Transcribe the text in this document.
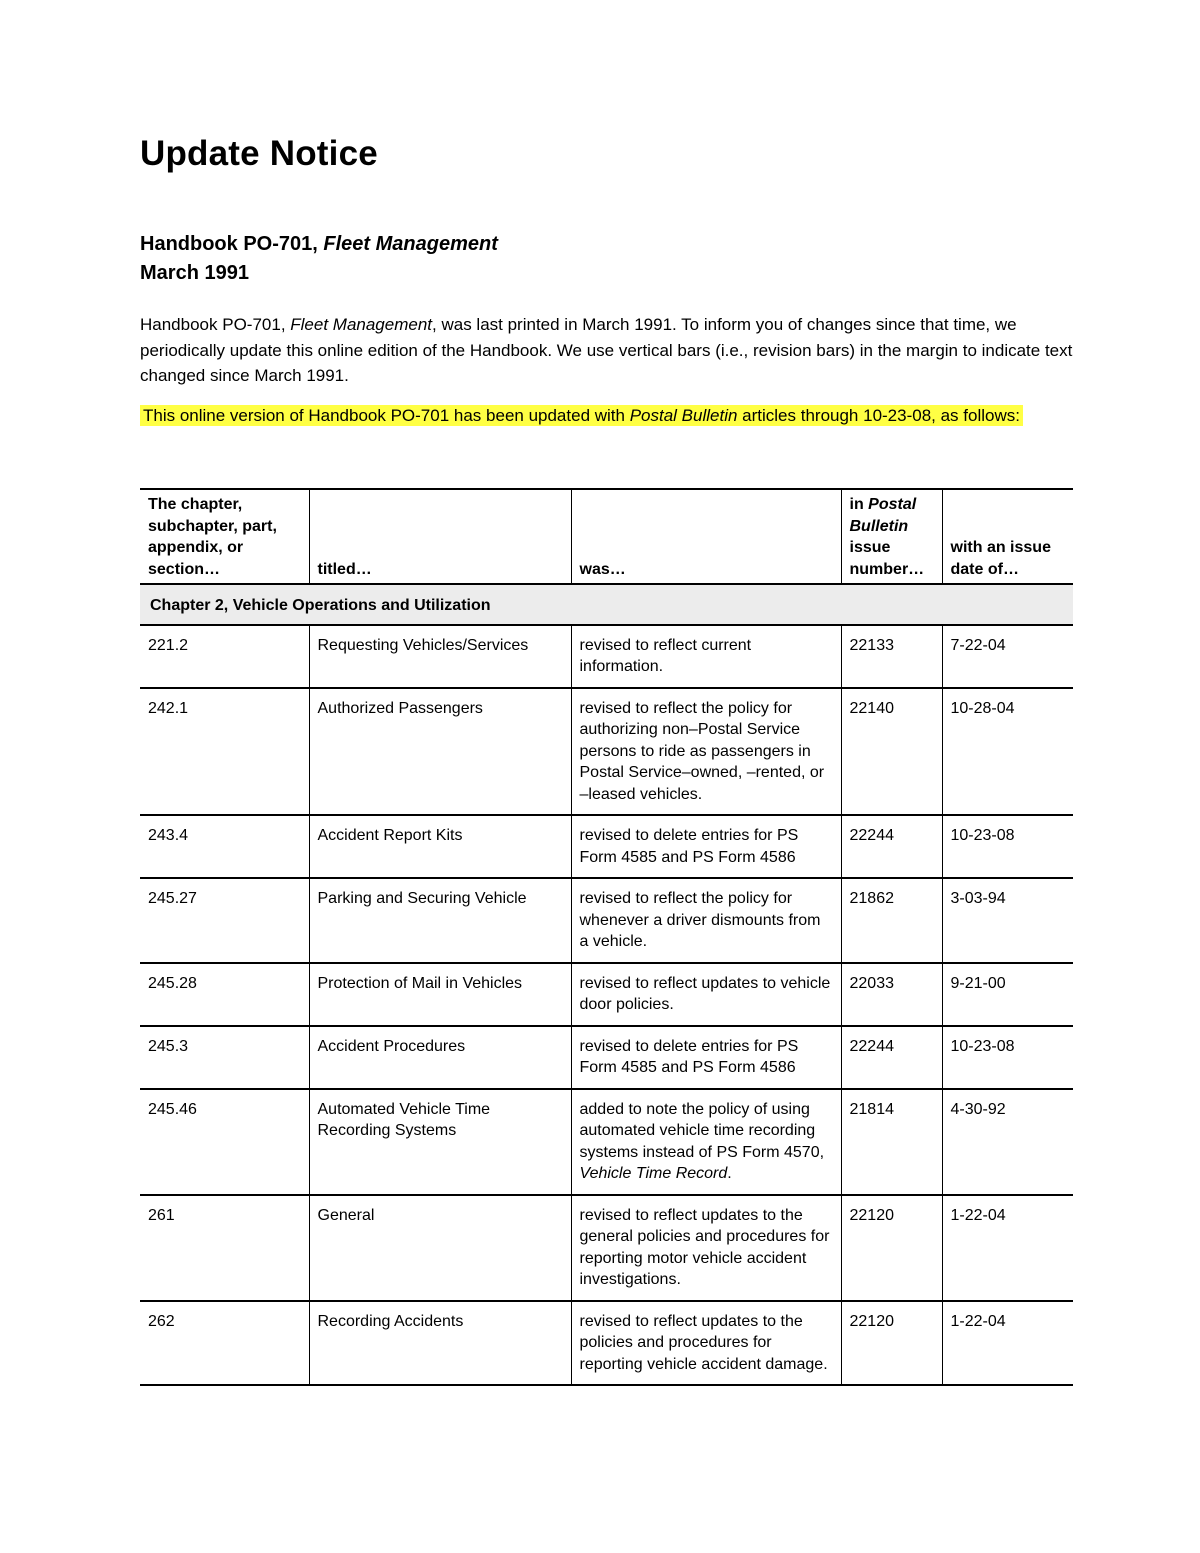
Update Notice
Handbook PO-701, Fleet Management
March 1991

Handbook PO-701, Fleet Management, was last printed in March 1991. To inform you of changes since that time, we periodically update this online edition of the Handbook. We use vertical bars (i.e., revision bars) in the margin to indicate text changed since March 1991.

This online version of Handbook PO-701 has been updated with Postal Bulletin articles through 10-23-08, as follows:

The chapter, subchapter, part, appendix, or section…	titled…	was…	in Postal Bulletin issue number…	with an issue date of…
Chapter 2, Vehicle Operations and Utilization				
221.2	Requesting Vehicles/Services	revised to reflect current information.	22133	7-22-04
242.1	Authorized Passengers	revised to reflect the policy for authorizing non–Postal Service persons to ride as passengers in Postal Service–owned, –rented, or –leased vehicles.	22140	10-28-04
243.4	Accident Report Kits	revised to delete entries for PS Form 4585 and PS Form 4586	22244	10-23-08
245.27	Parking and Securing Vehicle	revised to reflect the policy for whenever a driver dismounts from a vehicle.	21862	3-03-94
245.28	Protection of Mail in Vehicles	revised to reflect updates to vehicle door policies.	22033	9-21-00
245.3	Accident Procedures	revised to delete entries for PS Form 4585 and PS Form 4586	22244	10-23-08
245.46	Automated Vehicle Time Recording Systems	added to note the policy of using automated vehicle time recording systems instead of PS Form 4570, Vehicle Time Record.	21814	4-30-92
261	General	revised to reflect updates to the general policies and procedures for reporting motor vehicle accident investigations.	22120	1-22-04
262	Recording Accidents	revised to reflect updates to the policies and procedures for reporting vehicle accident damage.	22120	1-22-04
